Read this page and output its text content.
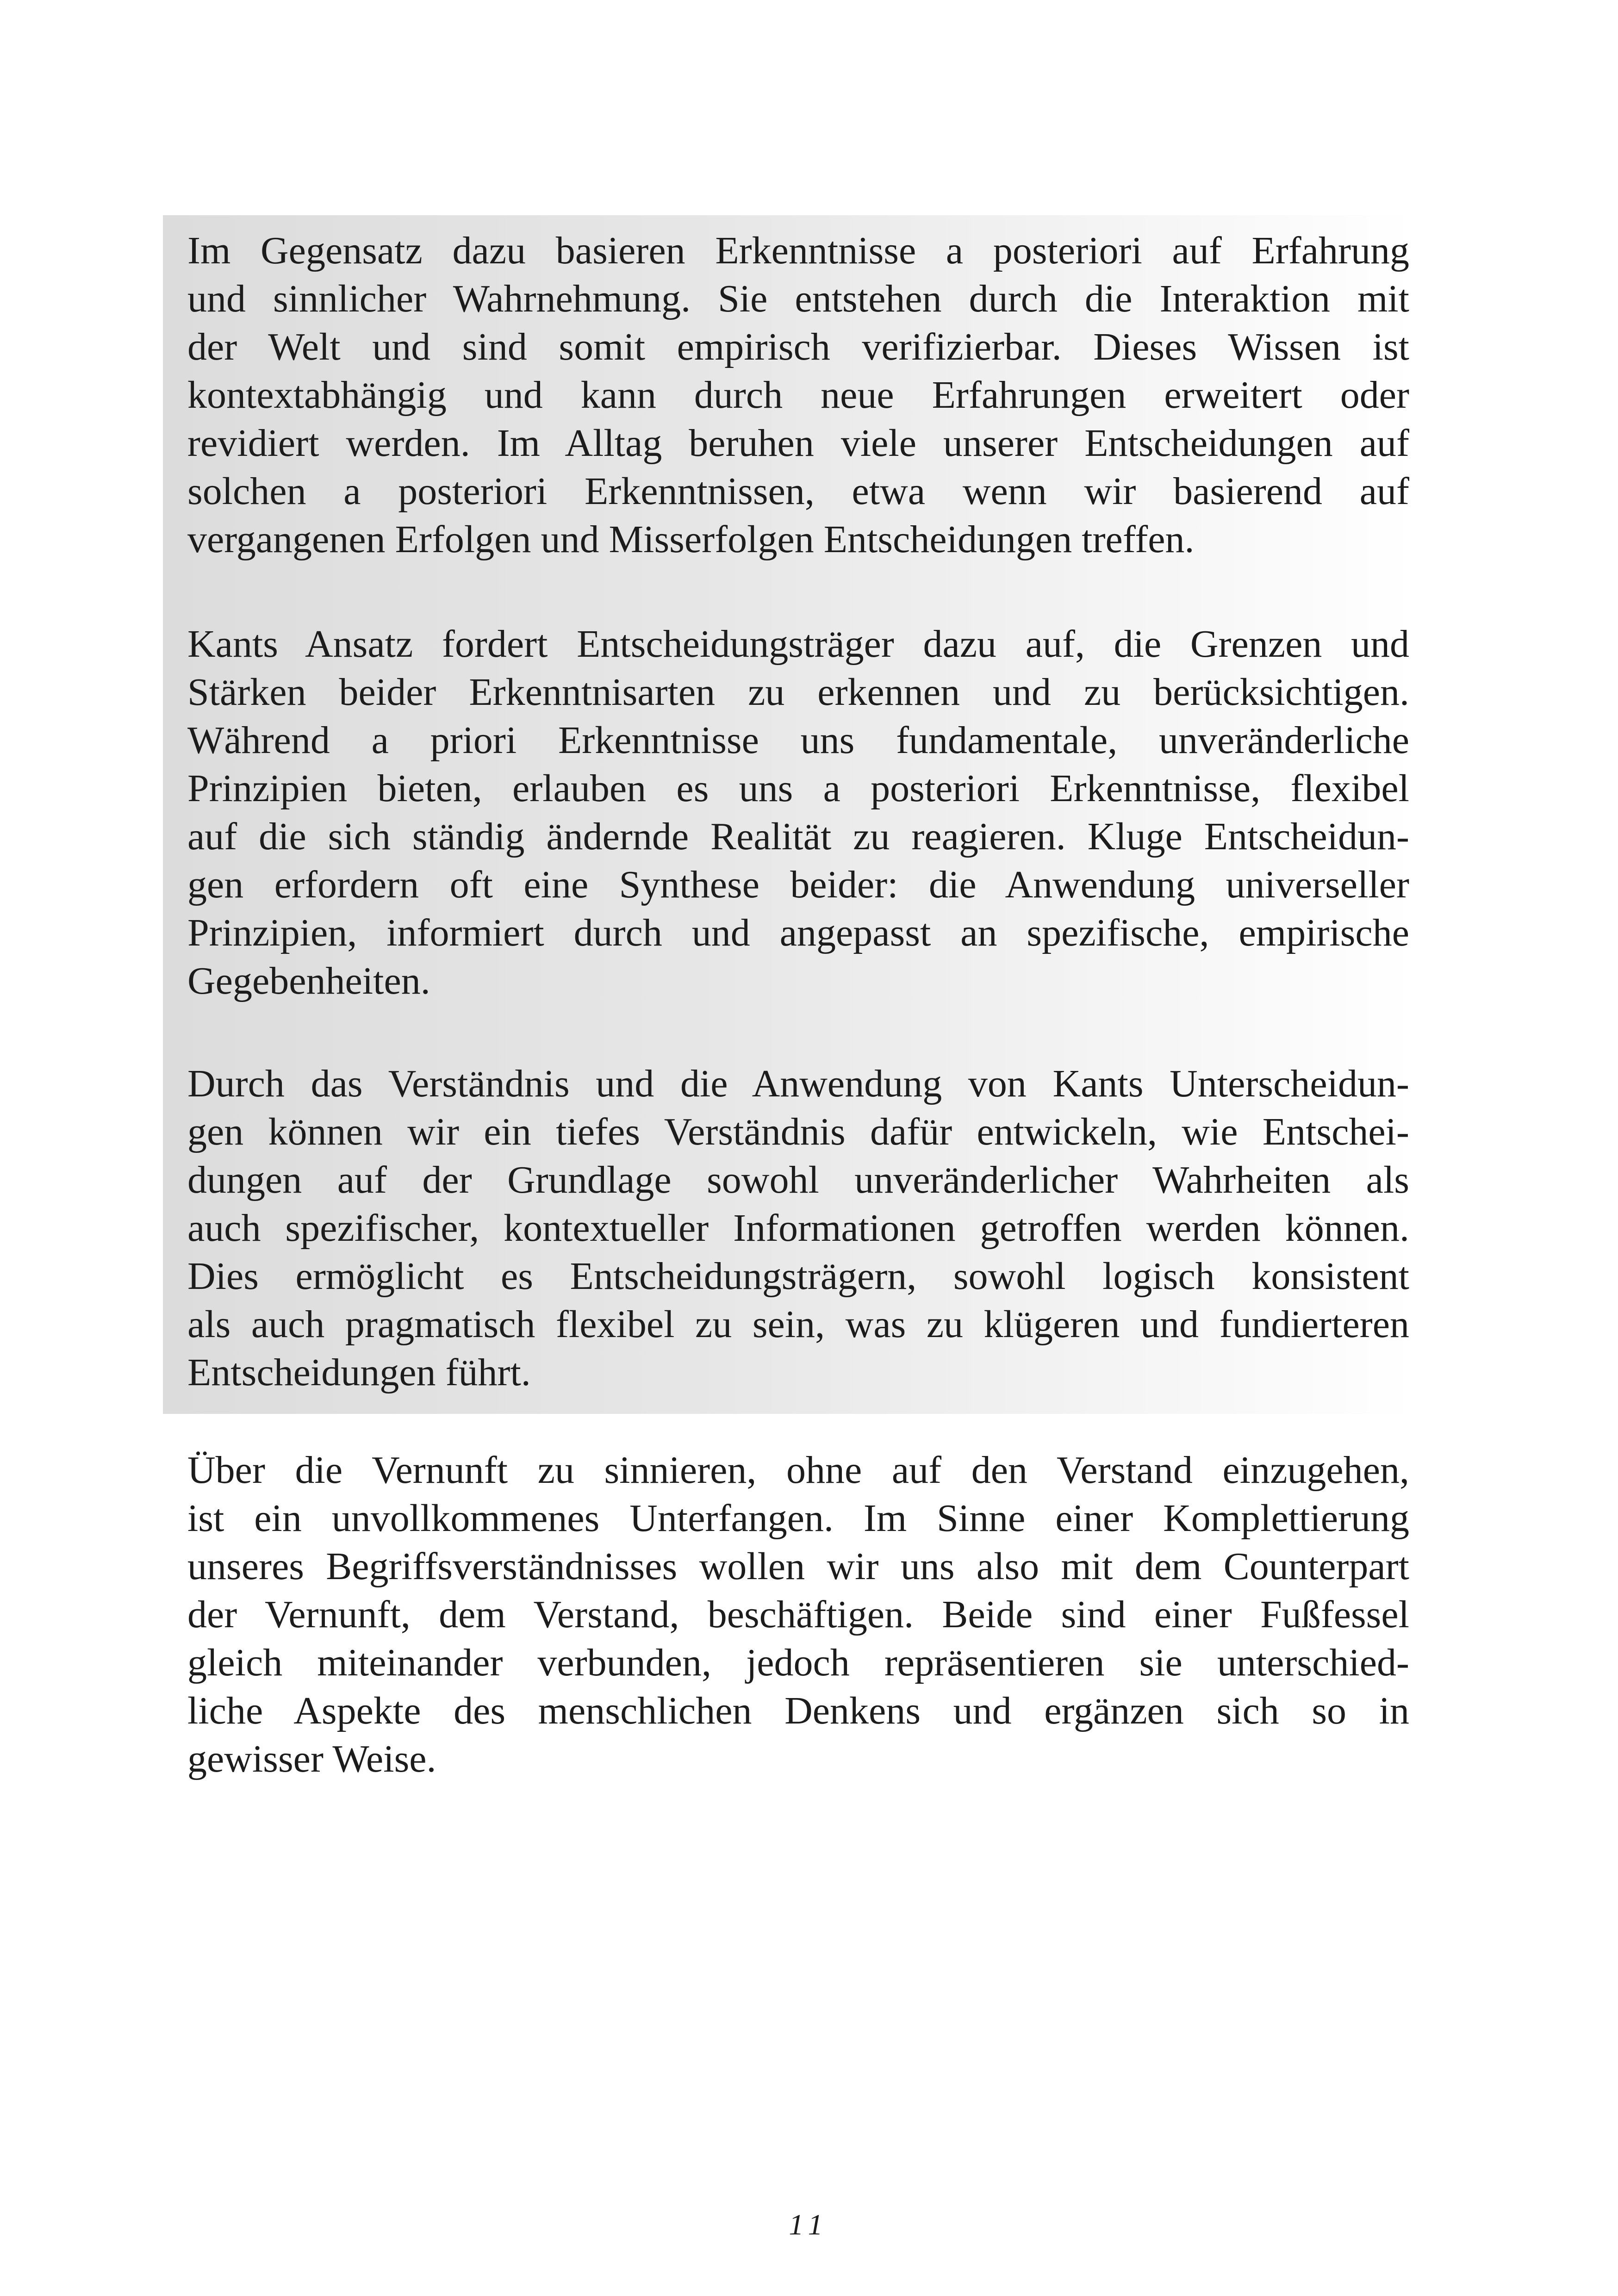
Im Gegensatz dazu basieren Erkenntnisse a posteriori auf Erfahrung
und sinnlicher Wahrnehmung. Sie entstehen durch die Interaktion mit
der Welt und sind somit empirisch verifizierbar. Dieses Wissen ist
kontextabhängig und kann durch neue Erfahrungen erweitert oder
revidiert werden. Im Alltag beruhen viele unserer Entscheidungen auf
solchen a posteriori Erkenntnissen, etwa wenn wir basierend auf
vergangenen Erfolgen und Misserfolgen Entscheidungen treffen.

Kants Ansatz fordert Entscheidungsträger dazu auf, die Grenzen und
Stärken beider Erkenntnisarten zu erkennen und zu berücksichtigen.
Während a priori Erkenntnisse uns fundamentale, unveränderliche
Prinzipien bieten, erlauben es uns a posteriori Erkenntnisse, flexibel
auf die sich ständig ändernde Realität zu reagieren. Kluge Entscheidun-
gen erfordern oft eine Synthese beider: die Anwendung universeller
Prinzipien, informiert durch und angepasst an spezifische, empirische
Gegebenheiten.

Durch das Verständnis und die Anwendung von Kants Unterscheidun-
gen können wir ein tiefes Verständnis dafür entwickeln, wie Entschei-
dungen auf der Grundlage sowohl unveränderlicher Wahrheiten als
auch spezifischer, kontextueller Informationen getroffen werden können.
Dies ermöglicht es Entscheidungsträgern, sowohl logisch konsistent
als auch pragmatisch flexibel zu sein, was zu klügeren und fundierteren
Entscheidungen führt.

Über die Vernunft zu sinnieren, ohne auf den Verstand einzugehen,
ist ein unvollkommenes Unterfangen. Im Sinne einer Komplettierung
unseres Begriffsverständnisses wollen wir uns also mit dem Counterpart
der Vernunft, dem Verstand, beschäftigen. Beide sind einer Fußfessel
gleich miteinander verbunden, jedoch repräsentieren sie unterschied-
liche Aspekte des menschlichen Denkens und ergänzen sich so in
gewisser Weise.

11
